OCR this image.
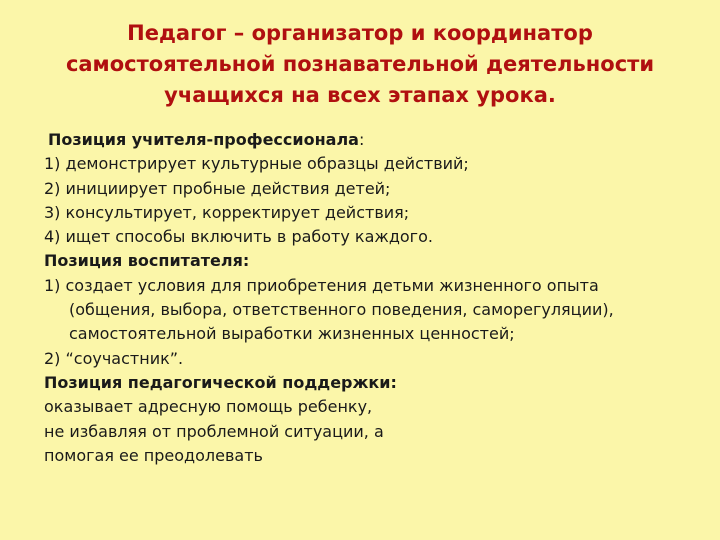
Педагог – организатор и координатор
самостоятельной познавательной деятельности
учащихся на всех этапах урока.
Позиция учителя-профессионала:
1) демонстрирует культурные образцы действий;
2) инициирует пробные действия детей;
3) консультирует, корректирует действия;
4) ищет способы включить в работу каждого.
Позиция воспитателя:
1) создает условия для приобретения детьми жизненного опыта
(общения, выбора, ответственного поведения, саморегуляции),
самостоятельной выработки жизненных ценностей;
2) “соучастник”.
Позиция педагогической поддержки:
оказывает адресную помощь ребенку,
не избавляя от проблемной ситуации, а
помогая ее преодолевать
